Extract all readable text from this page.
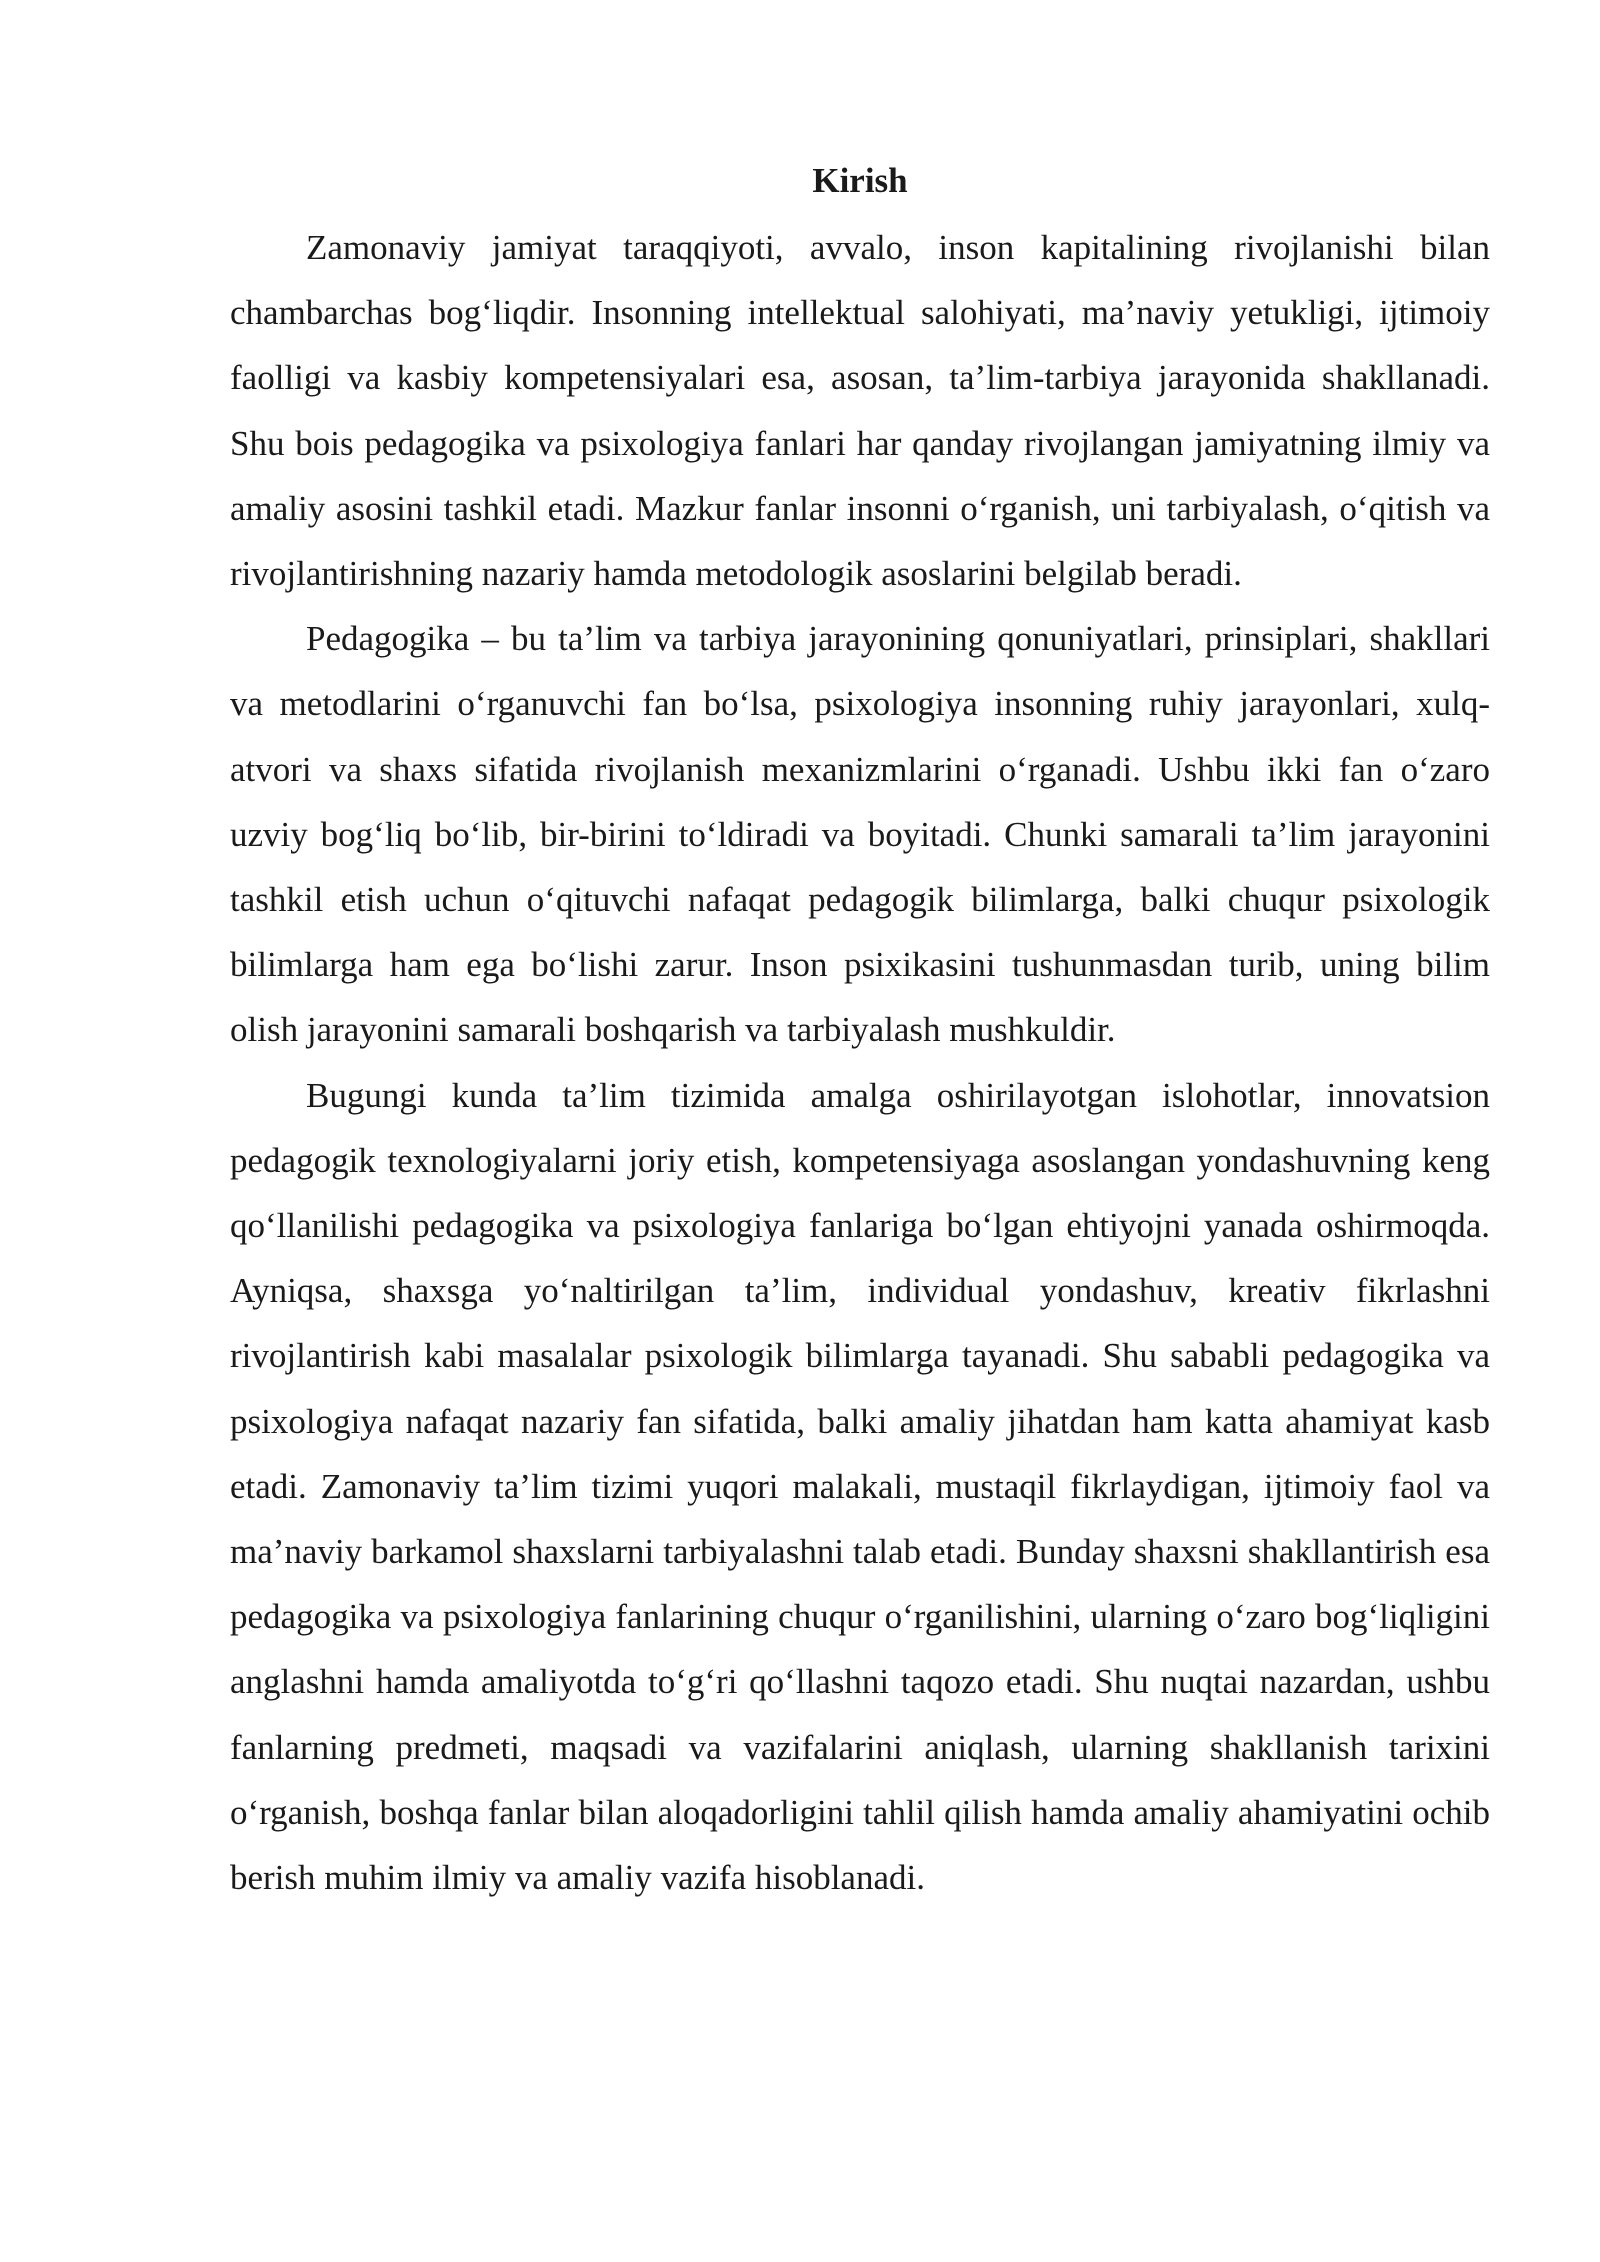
Kirish

Zamonaviy jamiyat taraqqiyoti, avvalo, inson kapitalining rivojlanishi bilan chambarchas bog‘liqdir. Insonning intellektual salohiyati, ma’naviy yetukligi, ijtimoiy faolligi va kasbiy kompetensiyalari esa, asosan, ta’lim-tarbiya jarayonida shakllanadi. Shu bois pedagogika va psixologiya fanlari har qanday rivojlangan jamiyatning ilmiy va amaliy asosini tashkil etadi. Mazkur fanlar insonni o‘rganish, uni tarbiyalash, o‘qitish va rivojlantirishning nazariy hamda metodologik asoslarini belgilab beradi.

Pedagogika – bu ta’lim va tarbiya jarayonining qonuniyatlari, prinsiplari, shakllari va metodlarini o‘rganuvchi fan bo‘lsa, psixologiya insonning ruhiy jarayonlari, xulq-atvori va shaxs sifatida rivojlanish mexanizmlarini o‘rganadi. Ushbu ikki fan o‘zaro uzviy bog‘liq bo‘lib, bir-birini to‘ldiradi va boyitadi. Chunki samarali ta’lim jarayonini tashkil etish uchun o‘qituvchi nafaqat pedagogik bilimlarga, balki chuqur psixologik bilimlarga ham ega bo‘lishi zarur. Inson psixikasini tushunmasdan turib, uning bilim olish jarayonini samarali boshqarish va tarbiyalash mushkuldir.

Bugungi kunda ta’lim tizimida amalga oshirilayotgan islohotlar, innovatsion pedagogik texnologiyalarni joriy etish, kompetensiyaga asoslangan yondashuvning keng qo‘llanilishi pedagogika va psixologiya fanlariga bo‘lgan ehtiyojni yanada oshirmoqda. Ayniqsa, shaxsga yo‘naltirilgan ta’lim, individual yondashuv, kreativ fikrlashni rivojlantirish kabi masalalar psixologik bilimlarga tayanadi. Shu sababli pedagogika va psixologiya nafaqat nazariy fan sifatida, balki amaliy jihatdan ham katta ahamiyat kasb etadi. Zamonaviy ta’lim tizimi yuqori malakali, mustaqil fikrlaydigan, ijtimoiy faol va ma’naviy barkamol shaxslarni tarbiyalashni talab etadi. Bunday shaxsni shakllantirish esa pedagogika va psixologiya fanlarining chuqur o‘rganilishini, ularning o‘zaro bog‘liqligini anglashni hamda amaliyotda to‘g‘ri qo‘llashni taqozo etadi. Shu nuqtai nazardan, ushbu fanlarning predmeti, maqsadi va vazifalarini aniqlash, ularning shakllanish tarixini o‘rganish, boshqa fanlar bilan aloqadorligini tahlil qilish hamda amaliy ahamiyatini ochib berish muhim ilmiy va amaliy vazifa hisoblanadi.
